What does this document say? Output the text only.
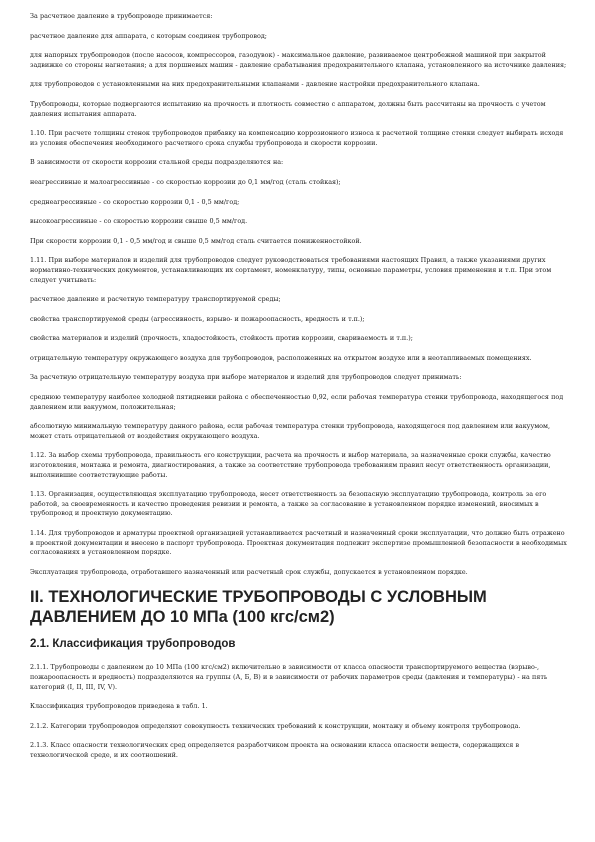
За расчетное давление в трубопроводе принимается:

расчетное давление для аппарата, с которым соединен трубопровод;

для напорных трубопроводов (после насосов, компрессоров, газодувок) - максимальное давление, развиваемое центробежной машиной при закрытой задвижке со стороны нагнетания; а для поршневых машин - давление срабатывания предохранительного клапана, установленного на источнике давления;

для трубопроводов с установленными на них предохранительными клапанами - давление настройки предохранительного клапана.

Трубопроводы, которые подвергаются испытанию на прочность и плотность совместно с аппаратом, должны быть рассчитаны на прочность с учетом давления испытания аппарата.

1.10. При расчете толщины стенок трубопроводов прибавку на компенсацию коррозионного износа к расчетной толщине стенки следует выбирать исходя из условия обеспечения необходимого расчетного срока службы трубопровода и скорости коррозии.

В зависимости от скорости коррозии стальной среды подразделяются на:

неагрессивные и малоагрессивные - со скоростью коррозии до 0,1 мм/год (сталь стойкая);

среднеагрессивные - со скоростью коррозии 0,1 - 0,5 мм/год;

высокоагрессивные - со скоростью коррозии свыше 0,5 мм/год.

При скорости коррозии 0,1 - 0,5 мм/год и свыше 0,5 мм/год сталь считается пониженностойкой.

1.11. При выборе материалов и изделий для трубопроводов следует руководствоваться требованиями настоящих Правил, а также указаниями других нормативно-технических документов, устанавливающих их сортамент, номенклатуру, типы, основные параметры, условия применения и т.п. При этом следует учитывать:

расчетное давление и расчетную температуру транспортируемой среды;

свойства транспортируемой среды (агрессивность, взрыво- и пожароопасность, вредность и т.п.);

свойства материалов и изделий (прочность, хладостойкость, стойкость против коррозии, свариваемость и т.п.);

отрицательную температуру окружающего воздуха для трубопроводов, расположенных на открытом воздухе или в неотапливаемых помещениях.

За расчетную отрицательную температуру воздуха при выборе материалов и изделий для трубопроводов следует принимать:

среднюю температуру наиболее холодной пятидневки района с обеспеченностью 0,92, если рабочая температура стенки трубопровода, находящегося под давлением или вакуумом, положительная;

абсолютную минимальную температуру данного района, если рабочая температура стенки трубопровода, находящегося под давлением или вакуумом, может стать отрицательной от воздействия окружающего воздуха.

1.12. За выбор схемы трубопровода, правильность его конструкции, расчета на прочность и выбор материала, за назначенные сроки службы, качество изготовления, монтажа и ремонта, диагностирования, а также за соответствие трубопровода требованиям правил несут ответственность организации, выполнившие соответствующие работы.

1.13. Организация, осуществляющая эксплуатацию трубопровода, несет ответственность за безопасную эксплуатацию трубопровода, контроль за его работой, за своевременность и качество проведения ревизии и ремонта, а также за согласование в установленном порядке изменений, вносимых в трубопровод и проектную документацию.

1.14. Для трубопроводов и арматуры проектной организацией устанавливается расчетный и назначенный сроки эксплуатации, что должно быть отражено в проектной документации и внесено в паспорт трубопровода. Проектная документация подлежит экспертизе промышленной безопасности в необходимых согласованиях в установленном порядке.

Эксплуатация трубопровода, отработавшего назначенный или расчетный срок службы, допускается в установленном порядке.

II. ТЕХНОЛОГИЧЕСКИЕ ТРУБОПРОВОДЫ С УСЛОВНЫМ ДАВЛЕНИЕМ ДО 10 МПа (100 кгс/см2)
2.1. Классификация трубопроводов

2.1.1. Трубопроводы с давлением до 10 МПа (100 кгс/см2) включительно в зависимости от класса опасности транспортируемого вещества (взрыво-, пожароопасность и вредность) подразделяются на группы (А, Б, В) и в зависимости от рабочих параметров среды (давления и температуры) - на пять категорий (I, II, III, IV, V).

Классификация трубопроводов приведена в табл. 1.

2.1.2. Категории трубопроводов определяют совокупность технических требований к конструкции, монтажу и объему контроля трубопровода.

2.1.3. Класс опасности технологических сред определяется разработчиком проекта на основании класса опасности веществ, содержащихся в технологической среде, и их соотношений.
